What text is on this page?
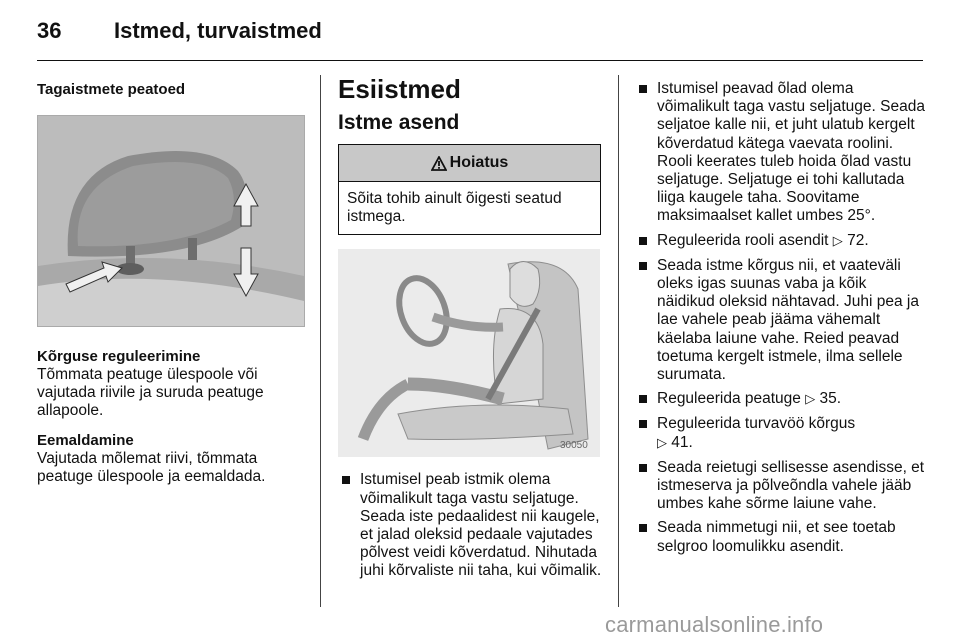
36 Istmed, turvaistmed
Tagaistmete peatoed
Kõrguse reguleerimine

Tõmmata peatuge ülespoole või vajutada riivile ja suruda peatuge allapoole.

Eemaldamine

Vajutada mõlemat riivi, tõmmata peatuge ülespoole ja eemaldada.

Esiistmed
Istme asend
Hoiatus
Sõita tohib ainult õigesti seatud istmega.
30050
Istumisel peab istmik olema võimalikult taga vastu seljatuge. Seada iste pedaalidest nii kaugele, et jalad oleksid pedaale vajutades põlvest veidi kõverdatud. Nihutada juhi kõrvaliste nii taha, kui võimalik.
Istumisel peavad õlad olema võimalikult taga vastu seljatuge. Seada seljatoe kalle nii, et juht ulatub kergelt kõverdatud kätega vaevata roolini. Rooli keerates tuleb hoida õlad vastu seljatuge. Seljatuge ei tohi kallutada liiga kaugele taha. Soovitame maksimaalset kallet umbes 25°.
Reguleerida rooli asendit ▷ 72.
Seada istme kõrgus nii, et vaateväli oleks igas suunas vaba ja kõik näidikud oleksid nähtavad. Juhi pea ja lae vahele peab jääma vähemalt käelaba laiune vahe. Reied peavad toetuma kergelt istmele, ilma sellele surumata.
Reguleerida peatuge ▷ 35.
Reguleerida turvavöö kõrgus
▷ 41.
Seada reietugi sellisesse asendisse, et istmeserva ja põlveõndla vahele jääb umbes kahe sõrme laiune vahe.
Seada nimmetugi nii, et see toetab selgroo loomulikku asendit.
carmanualsonline.info
